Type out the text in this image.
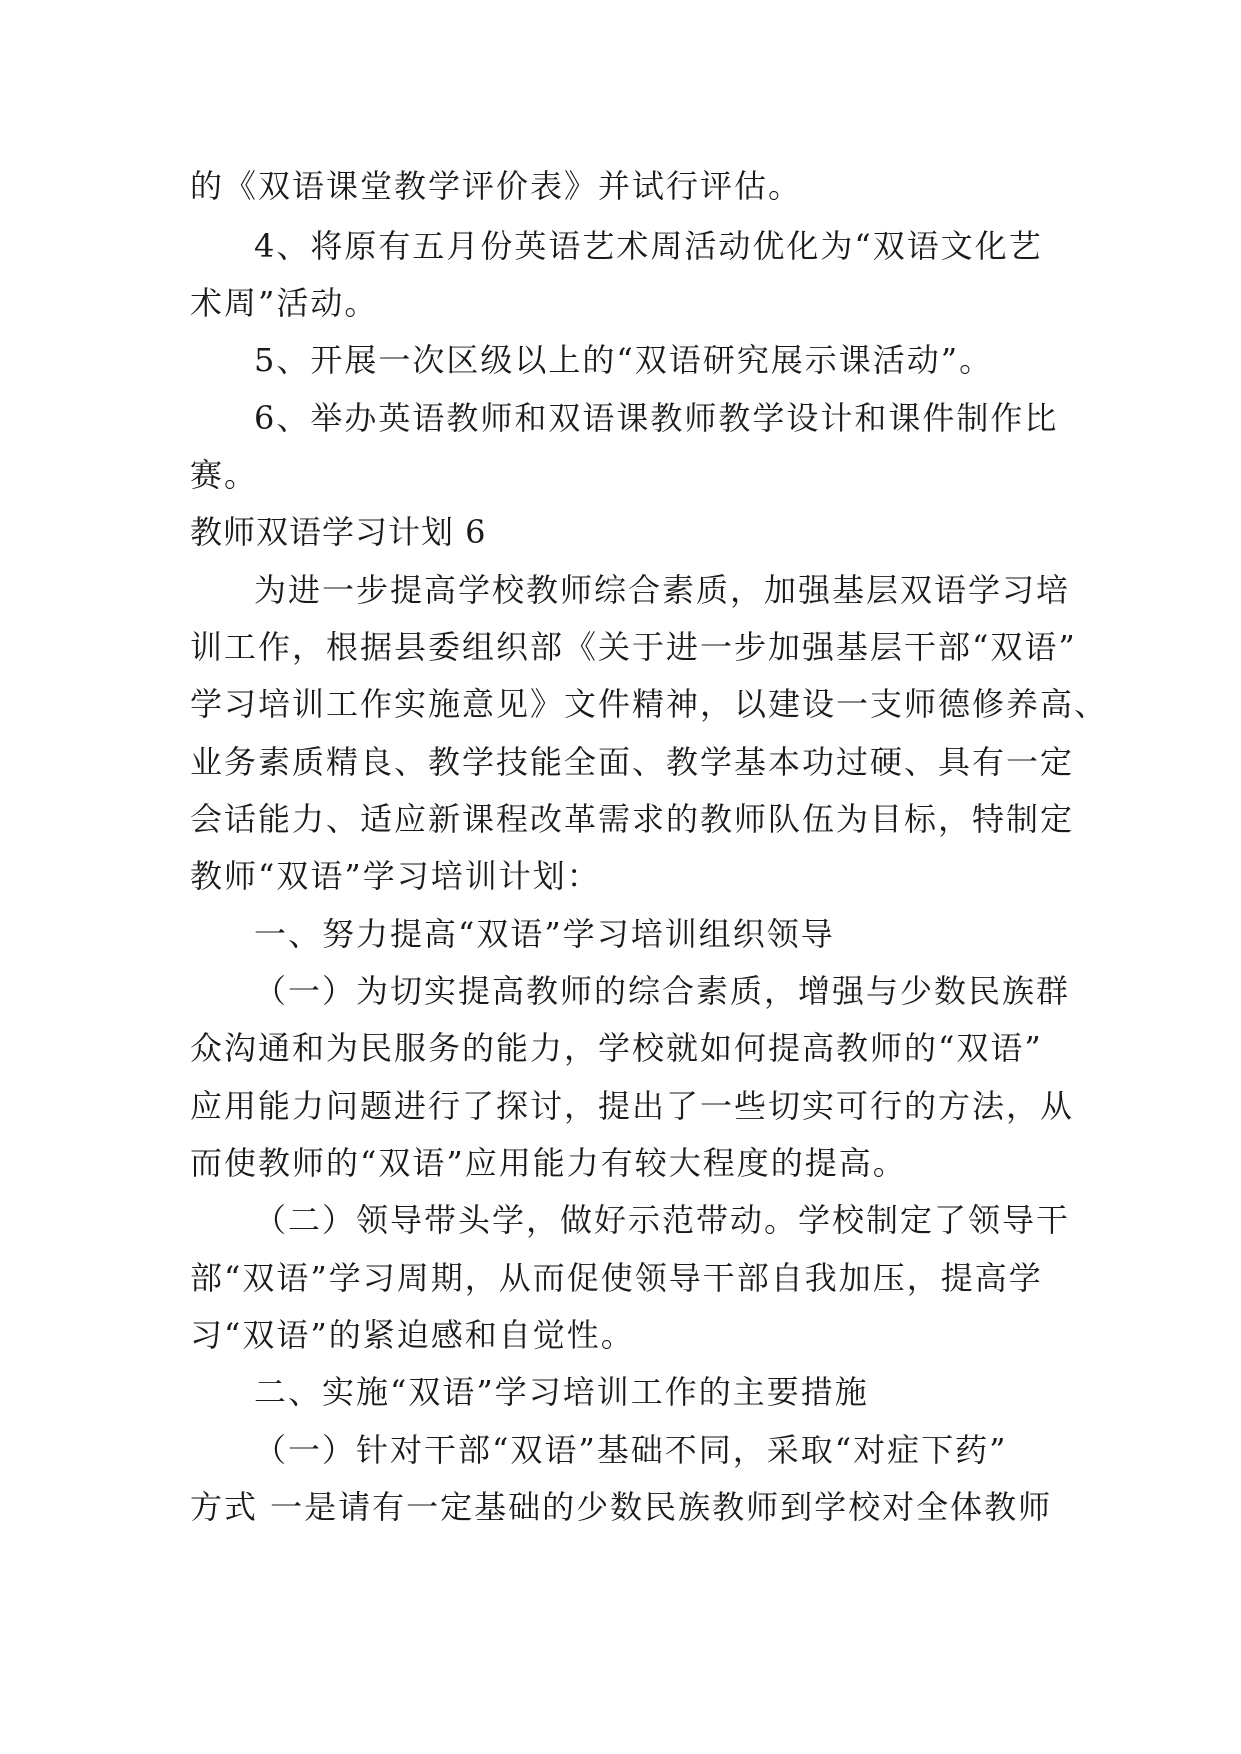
的《双语课堂教学评价表》并试行评估。
4、将原有五月份英语艺术周活动优化为“双语文化艺
术周”活动。
5、开展一次区级以上的“双语研究展示课活动”。
6、举办英语教师和双语课教师教学设计和课件制作比
赛。
教师双语学习计划 6
为进一步提高学校教师综合素质，加强基层双语学习培
训工作，根据县委组织部《关于进一步加强基层干部“双语”
学习培训工作实施意见》文件精神，以建设一支师德修养高、
业务素质精良、教学技能全面、教学基本功过硬、具有一定
会话能力、适应新课程改革需求的教师队伍为目标，特制定
教师“双语”学习培训计划：
一、努力提高“双语”学习培训组织领导
（一）为切实提高教师的综合素质，增强与少数民族群
众沟通和为民服务的能力，学校就如何提高教师的“双语”
应用能力问题进行了探讨，提出了一些切实可行的方法，从
而使教师的“双语”应用能力有较大程度的提高。
（二）领导带头学，做好示范带动。学校制定了领导干
部“双语”学习周期，从而促使领导干部自我加压，提高学
习“双语”的紧迫感和自觉性。
二、实施“双语”学习培训工作的主要措施
（一）针对干部“双语”基础不同，采取“对症下药”
方式 一是请有一定基础的少数民族教师到学校对全体教师
